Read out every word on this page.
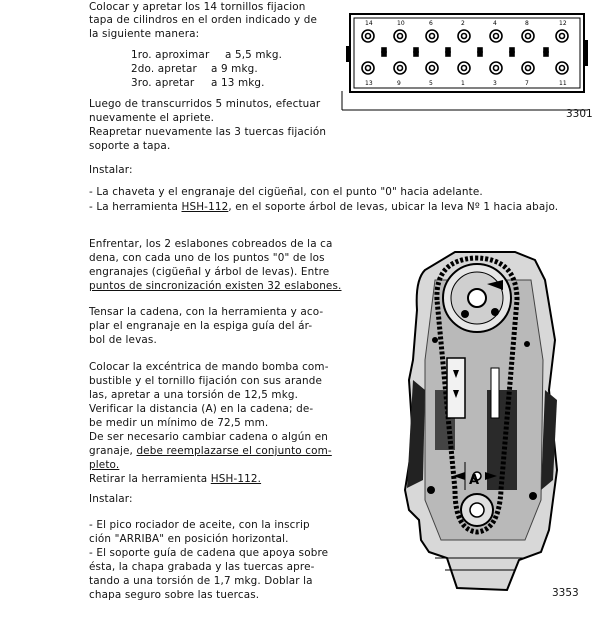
Colocar y apretar los 14 tornillos fijacion
tapa de cilindros en el orden indicado y de
la siguiente manera:
1ro. aproximar a 5,5 mkg.
2do. apretar a 9 mkg.
3ro. apretar a 13 mkg.
Luego de transcurridos 5 minutos, efectuar
nuevamente el apriete.
Reapretar nuevamente las 3 tuercas fijación
soporte a tapa.
Instalar:
- La chaveta y el engranaje del cigüeñal, con el punto "0" hacia adelante.
- La herramienta HSH-112, en el soporte árbol de levas, ubicar la leva Nº 1 hacia abajo.
Enfrentar, los 2 eslabones cobreados de la ca
dena, con cada uno de los puntos "0" de los
engranajes (cigüeñal y árbol de levas). Entre
puntos de sincronización existen 32 eslabones.
Tensar la cadena, con la herramienta y aco-
plar el engranaje en la espiga guía del ár-
bol de levas.
Colocar la excéntrica de mando bomba com-
bustible y el tornillo fijación con sus arande
las, apretar a una torsión de 12,5 mkg.
Verificar la distancia (A) en la cadena; de-
be medir un mínimo de 72,5 mm.
De ser necesario cambiar cadena o algún en
granaje, debe reemplazarse el conjunto com-
pleto.
Retirar la herramienta HSH-112.
Instalar:
- El pico rociador de aceite, con la inscrip
ción "ARRIBA" en posición horizontal.
- El soporte guía de cadena que apoya sobre
ésta, la chapa grabada y las tuercas apre-
tando a una torsión de 1,7 mkg. Doblar la
chapa seguro sobre las tuercas.
14
13
10
9
6
5
2
1
4
3
8
7
12
11
3301
A
3353
